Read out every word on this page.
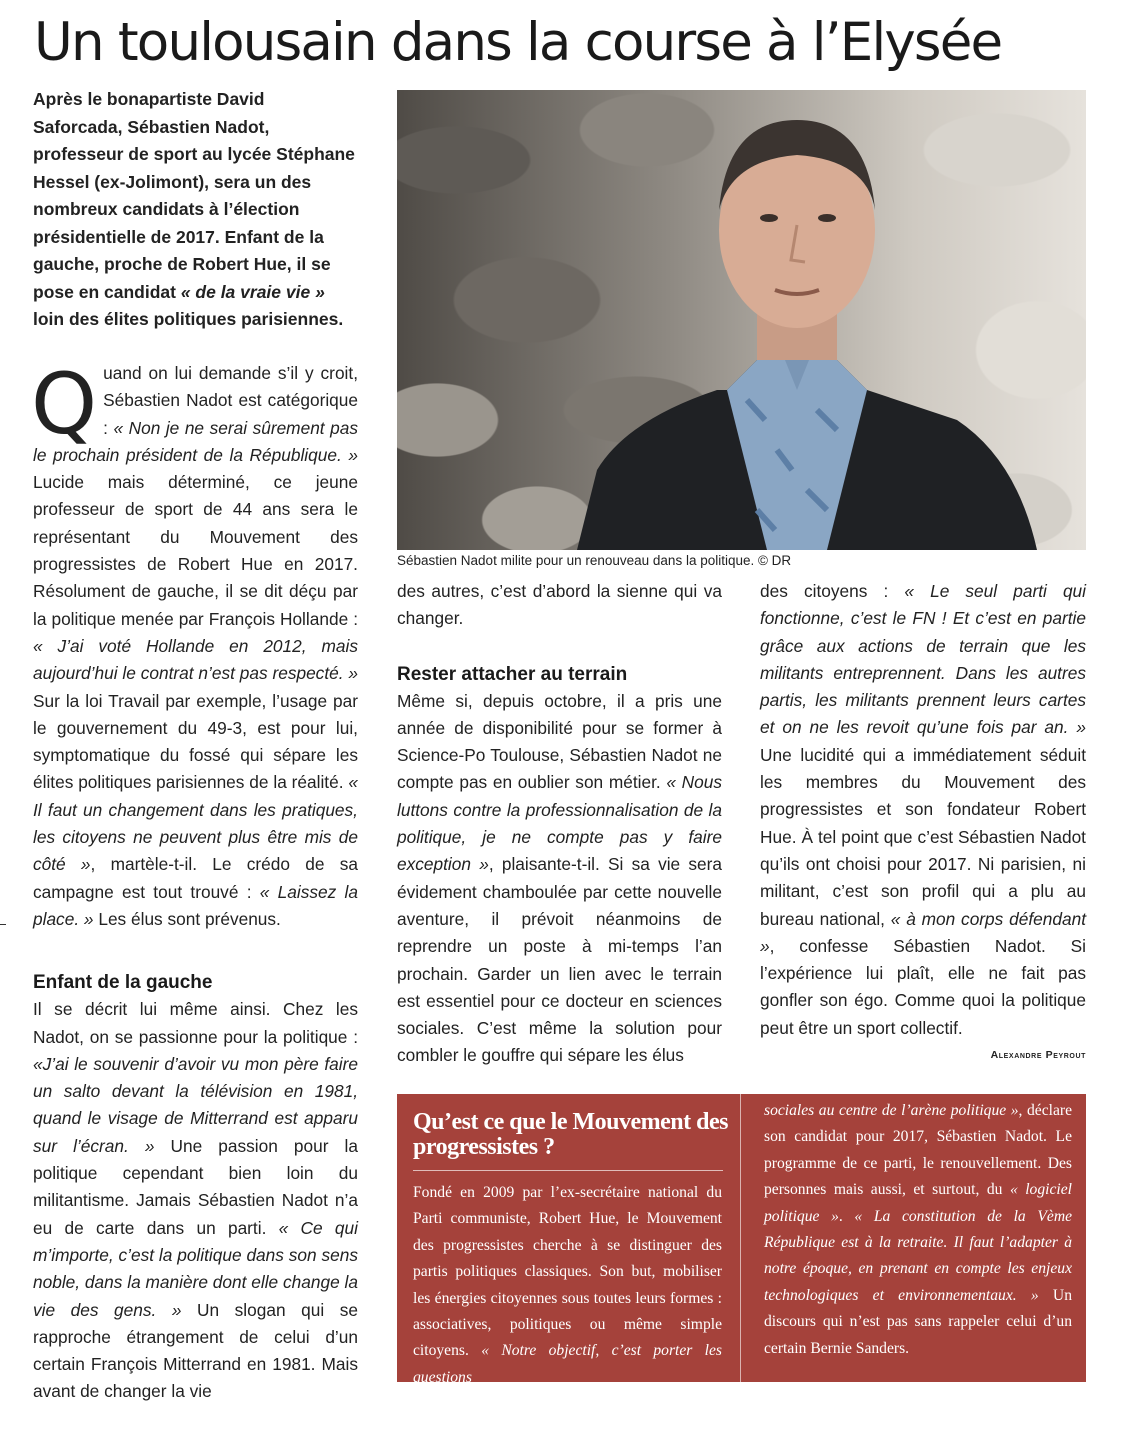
Un toulousain dans la course à l’Elysée
Après le bonapartiste David Saforcada, Sébastien Nadot, professeur de sport au lycée Stéphane Hessel (ex-Jolimont), sera un des nombreux candidats à l’élection présidentielle de 2017. Enfant de la gauche, proche de Robert Hue, il se pose en candidat « de la vraie vie » loin des élites politiques parisiennes.
Sébastien Nadot milite pour un renouveau dans la politique. © DR

Quand on lui demande s’il y croit, Sébastien Nadot est catégorique : « Non je ne serai sûrement pas le prochain président de la République. » Lucide mais déterminé, ce jeune professeur de sport de 44 ans sera le représentant du Mouvement des progressistes de Robert Hue en 2017. Résolument de gauche, il se dit déçu par la politique menée par François Hollande : « J’ai voté Hollande en 2012, mais aujourd’hui le contrat n’est pas respecté. » Sur la loi Travail par exemple, l’usage par le gouvernement du 49-3, est pour lui, symptomatique du fossé qui sépare les élites politiques parisiennes de la réalité. « Il faut un changement dans les pratiques, les citoyens ne peuvent plus être mis de côté », martèle-t-il. Le crédo de sa campagne est tout trouvé : « Laissez la place. » Les élus sont prévenus.

Enfant de la gauche

Il se décrit lui même ainsi. Chez les Nadot, on se passionne pour la politique : «J’ai le souvenir d’avoir vu mon père faire un salto devant la télévision en 1981, quand le visage de Mitterrand est apparu sur l’écran. » Une passion pour la politique cependant bien loin du militantisme. Jamais Sébastien Nadot n’a eu de carte dans un parti. « Ce qui m’importe, c’est la politique dans son sens noble, dans la manière dont elle change la vie des gens. » Un slogan qui se rapproche étrangement de celui d’un certain François Mitterrand en 1981. Mais avant de changer la vie

des autres, c’est d’abord la sienne qui va changer.

Rester attacher au terrain

Même si, depuis octobre, il a pris une année de disponibilité pour se former à Science-Po Toulouse, Sébastien Nadot ne compte pas en oublier son métier. « Nous luttons contre la professionnalisation de la politique, je ne compte pas y faire exception », plaisante-t-il. Si sa vie sera évidement chamboulée par cette nouvelle aventure, il prévoit néanmoins de reprendre un poste à mi-temps l’an prochain. Garder un lien avec le terrain est essentiel pour ce docteur en sciences sociales. C’est même la solution pour combler le gouffre qui sépare les élus

des citoyens : « Le seul parti qui fonctionne, c’est le FN ! Et c’est en partie grâce aux actions de terrain que les militants entreprennent. Dans les autres partis, les militants prennent leurs cartes et on ne les revoit qu’une fois par an. » Une lucidité qui a immédiatement séduit les membres du Mouvement des progressistes et son fondateur Robert Hue. À tel point que c’est Sébastien Nadot qu’ils ont choisi pour 2017. Ni parisien, ni militant, c’est son profil qui a plu au bureau national, « à mon corps défendant », confesse Sébastien Nadot. Si l’expérience lui plaît, elle ne fait pas gonfler son égo. Comme quoi la politique peut être un sport collectif.

Alexandre Peyrout
Qu’est ce que le Mouvement des progressistes ?
Fondé en 2009 par l’ex-secrétaire national du Parti communiste, Robert Hue, le Mouvement des progressistes cherche à se distinguer des partis politiques classiques. Son but, mobiliser les énergies citoyennes sous toutes leurs formes : associatives, politiques ou même simple citoyens. « Notre objectif, c’est porter les questions
sociales au centre de l’arène politique », déclare son candidat pour 2017, Sébastien Nadot. Le programme de ce parti, le renouvellement. Des personnes mais aussi, et surtout, du « logiciel politique ». « La constitution de la Vème République est à la retraite. Il faut l’adapter à notre époque, en prenant en compte les enjeux technologiques et environnementaux. » Un discours qui n’est pas sans rappeler celui d’un certain Bernie Sanders.
